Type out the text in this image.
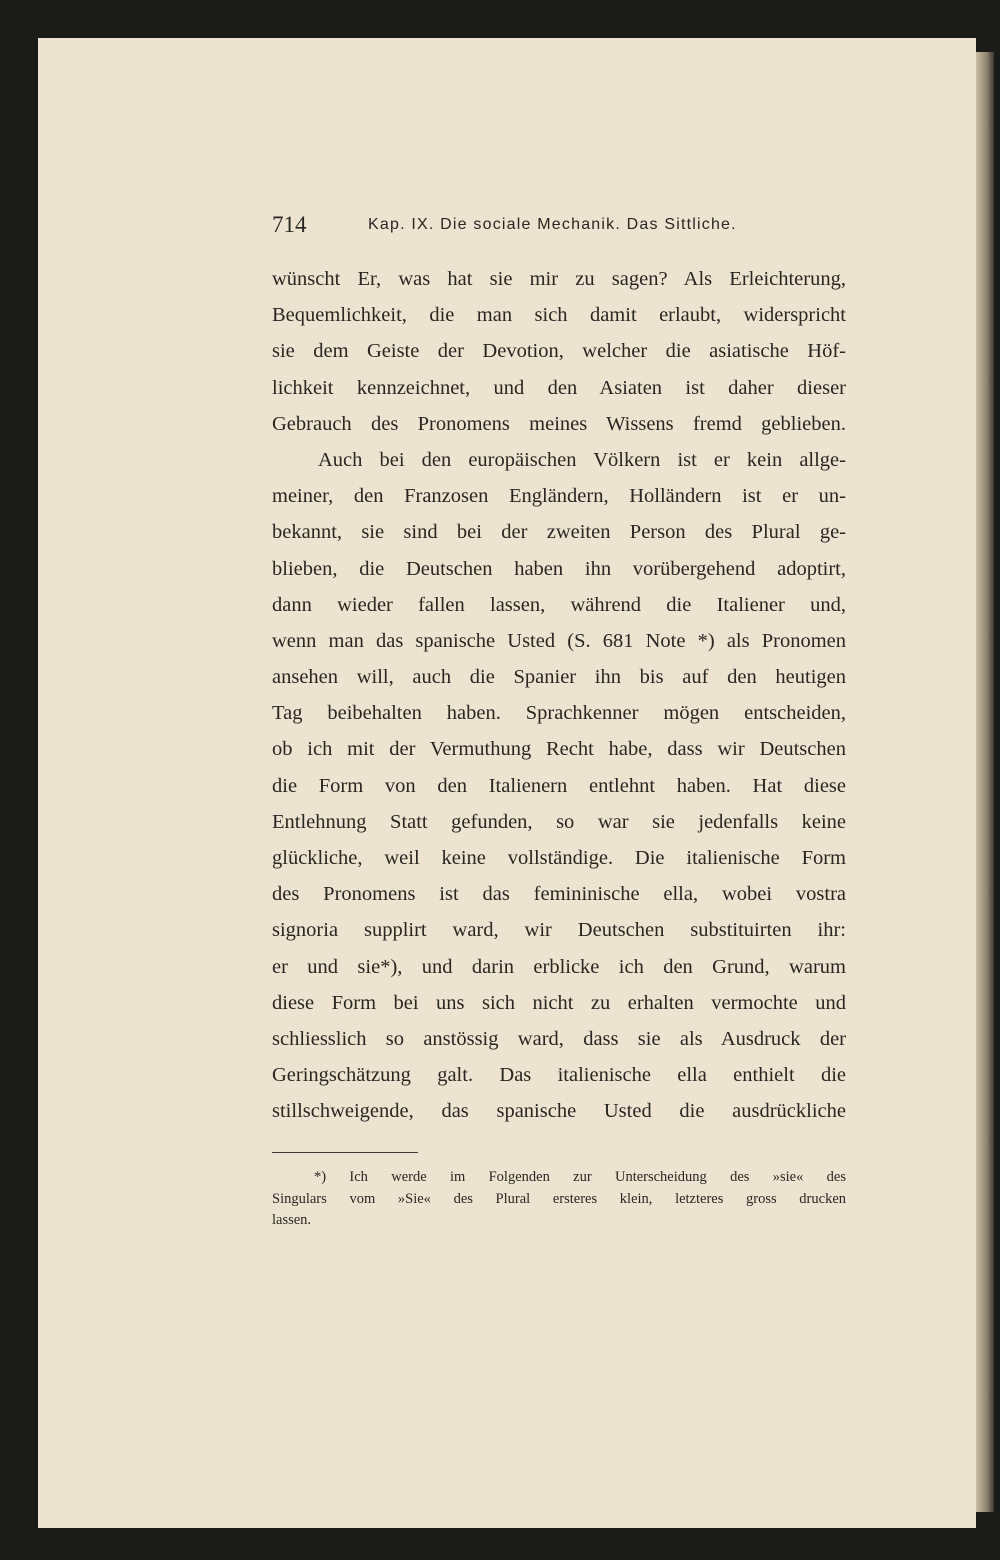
714	Kap. IX. Die sociale Mechanik. Das Sittliche.
wünscht Er, was hat sie mir zu sagen? Als Erleichterung,
Bequemlichkeit, die man sich damit erlaubt, widerspricht
sie dem Geiste der Devotion, welcher die asiatische Höf-
lichkeit kennzeichnet, und den Asiaten ist daher dieser
Gebrauch des Pronomens meines Wissens fremd geblieben.
Auch bei den europäischen Völkern ist er kein allge-
meiner, den Franzosen Engländern, Holländern ist er un-
bekannt, sie sind bei der zweiten Person des Plural ge-
blieben, die Deutschen haben ihn vorübergehend adoptirt,
dann wieder fallen lassen, während die Italiener und,
wenn man das spanische Usted (S. 681 Note *) als Pronomen
ansehen will, auch die Spanier ihn bis auf den heutigen
Tag beibehalten haben. Sprachkenner mögen entscheiden,
ob ich mit der Vermuthung Recht habe, dass wir Deutschen
die Form von den Italienern entlehnt haben. Hat diese
Entlehnung Statt gefunden, so war sie jedenfalls keine
glückliche, weil keine vollständige. Die italienische Form
des Pronomens ist das femininische ella, wobei vostra
signoria supplirt ward, wir Deutschen substituirten ihr:
er und sie*), und darin erblicke ich den Grund, warum
diese Form bei uns sich nicht zu erhalten vermochte und
schliesslich so anstössig ward, dass sie als Ausdruck der
Geringschätzung galt. Das italienische ella enthielt die
stillschweigende, das spanische Usted die ausdrückliche
*) Ich werde im Folgenden zur Unterscheidung des »sie« des
Singulars vom »Sie« des Plural ersteres klein, letzteres gross drucken
lassen.
